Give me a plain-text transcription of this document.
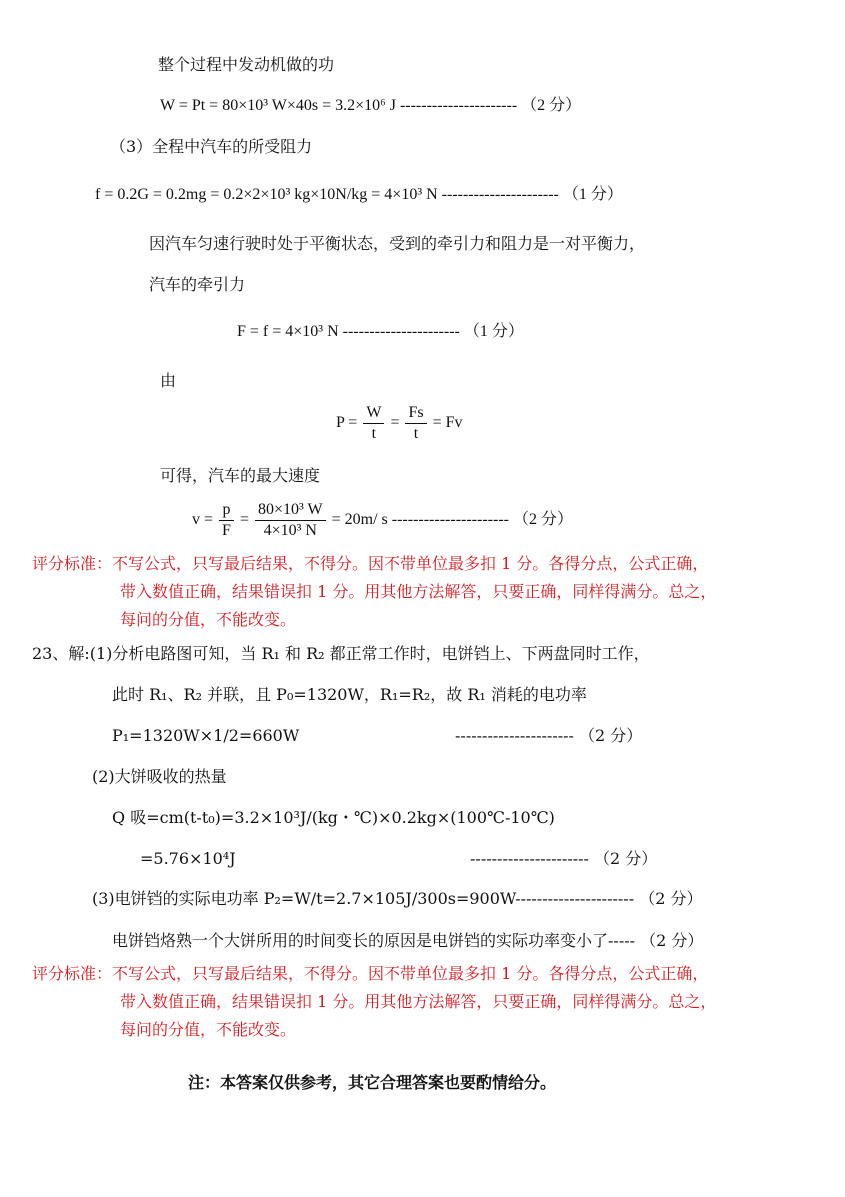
整个过程中发动机做的功
W = Pt = 80×10³ W×40s = 3.2×10⁶ J ---------------------- （2 分）
（3）全程中汽车的所受阻力
f = 0.2G = 0.2mg = 0.2×2×10³ kg×10N/kg = 4×10³ N ---------------------- （1 分）
因汽车匀速行驶时处于平衡状态，受到的牵引力和阻力是一对平衡力，
汽车的牵引力
F = f = 4×10³ N ---------------------- （1 分）
由
$P = \frac{W}{t} = \frac{Fs}{t} = Fv$
可得，汽车的最大速度
$v = \frac{p}{F} = \frac{\text{80×10³ W}}{\text{4×10³ N}} = 20m/$ s ---------------------- （2 分）
评分标准：不写公式，只写最后结果，不得分。因不带单位最多扣 1 分。各得分点，公式正确，
带入数值正确，结果错误扣 1 分。用其他方法解答，只要正确，同样得满分。总之，
每问的分值，不能改变。
23、解:(1)分析电路图可知，当 R₁ 和 R₂ 都正常工作时，电饼铛上、下两盘同时工作，
此时 R₁、R₂ 并联，且 P₀=1320W，R₁=R₂，故 R₁ 消耗的电功率
P₁=1320W×1/2=660W	---------------------- （2 分）
(2)大饼吸收的热量
Q 吸=cm(t-t₀)=3.2×10³J/(kg・℃)×0.2kg×(100℃-10℃)
=5.76×10⁴J	---------------------- （2 分）
(3)电饼铛的实际电功率 P₂=W/t=2.7×105J/300s=900W---------------------- （2 分）
电饼铛烙熟一个大饼所用的时间变长的原因是电饼铛的实际功率变小了----- （2 分）
评分标准：不写公式，只写最后结果，不得分。因不带单位最多扣 1 分。各得分点，公式正确，
带入数值正确，结果错误扣 1 分。用其他方法解答，只要正确，同样得满分。总之，
每问的分值，不能改变。
注：本答案仅供参考，其它合理答案也要酌情给分。
